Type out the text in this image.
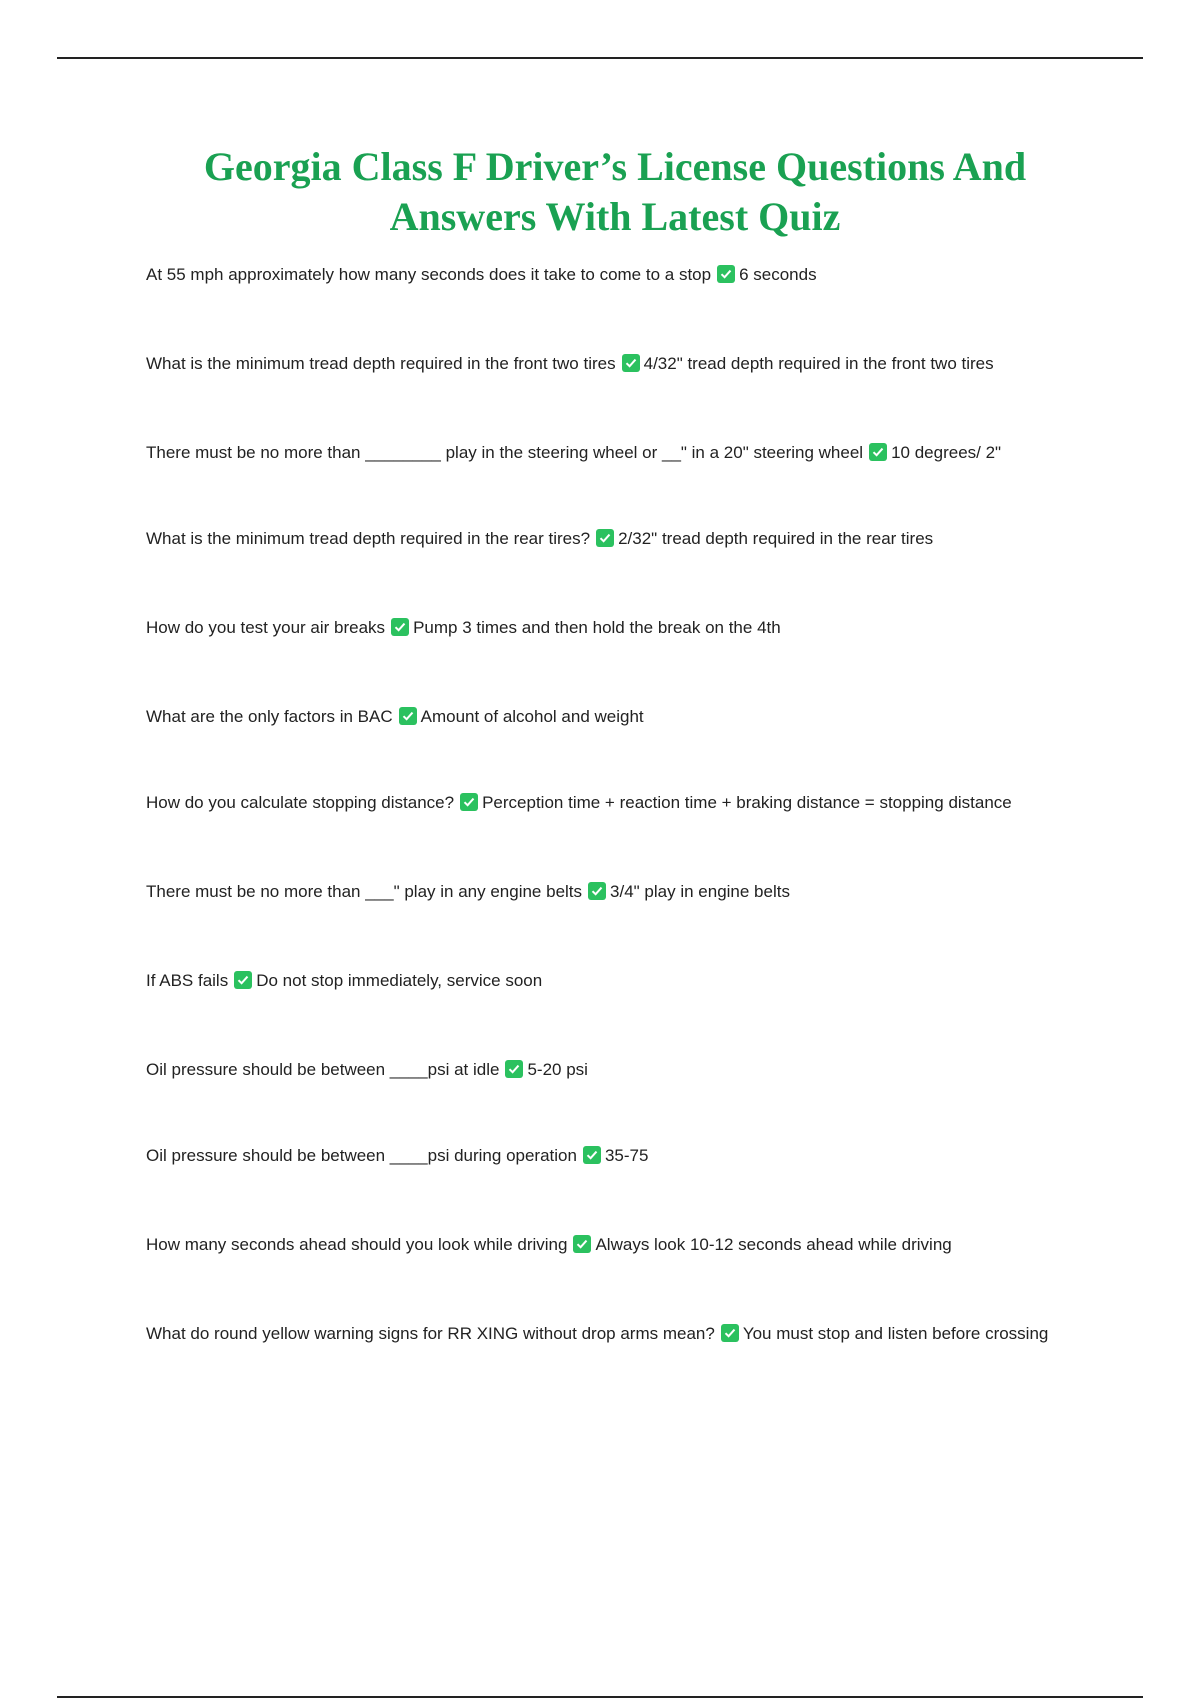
Georgia Class F Driver’s License Questions And Answers With Latest Quiz

At 55 mph approximately how many seconds does it take to come to a stop 6 seconds

What is the minimum tread depth required in the front two tires 4/32" tread depth required in the front two tires

There must be no more than ________ play in the steering wheel or __" in a 20" steering wheel 10 degrees/ 2"

What is the minimum tread depth required in the rear tires? 2/32" tread depth required in the rear tires

How do you test your air breaks Pump 3 times and then hold the break on the 4th

What are the only factors in BAC Amount of alcohol and weight

How do you calculate stopping distance? Perception time + reaction time + braking distance = stopping distance

There must be no more than ___" play in any engine belts 3/4" play in engine belts

If ABS fails Do not stop immediately, service soon

Oil pressure should be between ____psi at idle 5-20 psi

Oil pressure should be between ____psi during operation 35-75

How many seconds ahead should you look while driving Always look 10-12 seconds ahead while driving

What do round yellow warning signs for RR XING without drop arms mean? You must stop and listen before crossing
